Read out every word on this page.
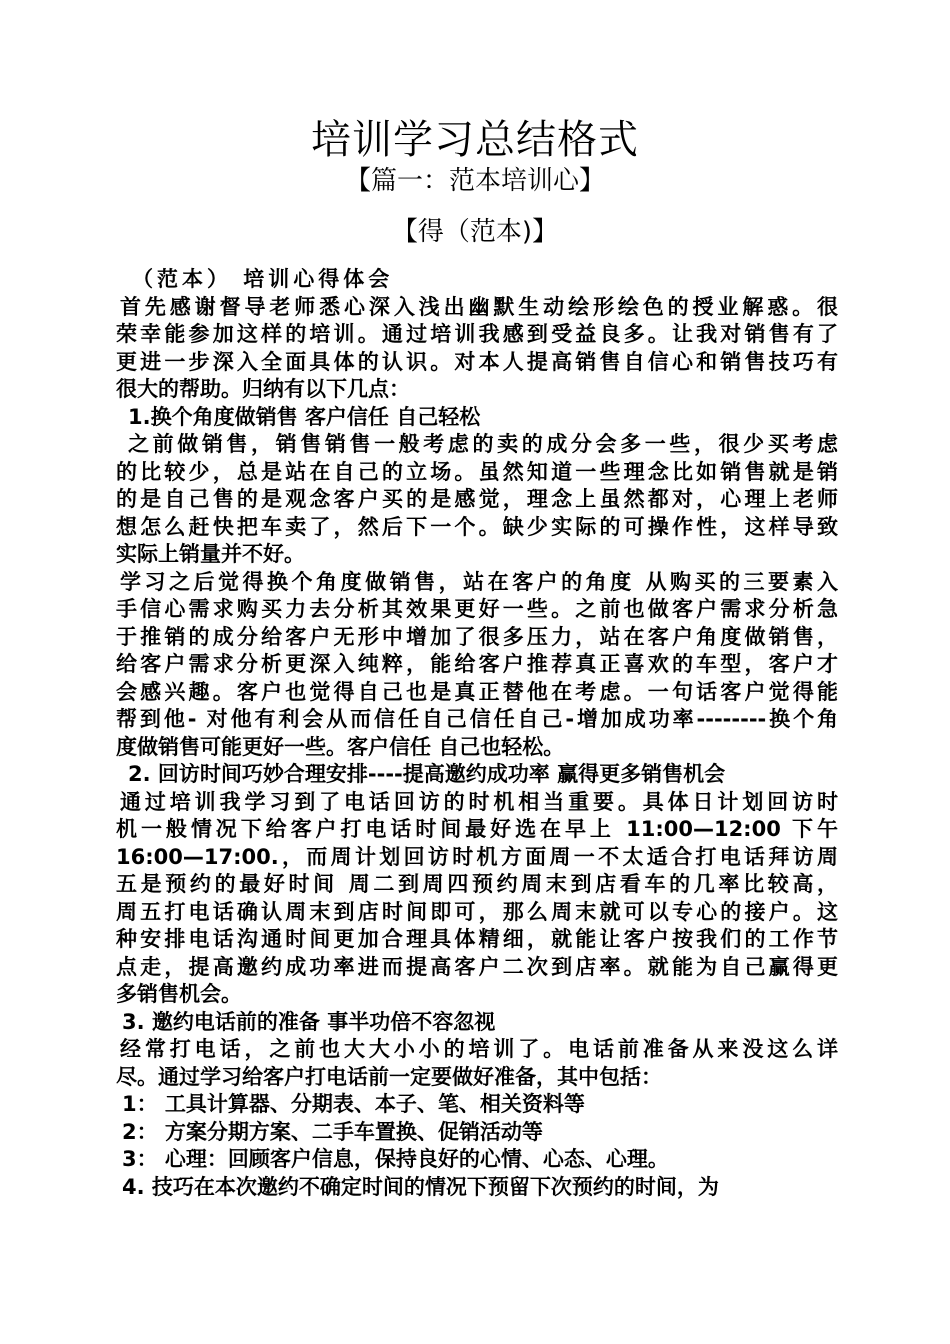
培训学习总结格式
【篇一：范本培训心】
【得（范本)】
（范本） 培训心得体会
首先感谢督导老师悉心深入浅出幽默生动绘形绘色的授业解惑。很
荣幸能参加这样的培训。通过培训我感到受益良多。让我对销售有了
更进一步深入全面具体的认识。对本人提高销售自信心和销售技巧有
很大的帮助。归纳有以下几点：
1.换个角度做销售 客户信任 自己轻松
之前做销售，销售销售一般考虑的卖的成分会多一些，很少买考虑
的比较少，总是站在自己的立场。虽然知道一些理念比如销售就是销
的是自己售的是观念客户买的是感觉，理念上虽然都对，心理上老师
想怎么赶快把车卖了，然后下一个。缺少实际的可操作性，这样导致
实际上销量并不好。
学习之后觉得换个角度做销售，站在客户的角度 从购买的三要素入
手信心需求购买力去分析其效果更好一些。之前也做客户需求分析急
于推销的成分给客户无形中增加了很多压力，站在客户角度做销售，
给客户需求分析更深入纯粹，能给客户推荐真正喜欢的车型，客户才
会感兴趣。客户也觉得自己也是真正替他在考虑。一句话客户觉得能
帮到他- 对他有利会从而信任自己信任自己-增加成功率--------换个角
度做销售可能更好一些。客户信任 自己也轻松。
2. 回访时间巧妙合理安排----提高邀约成功率 赢得更多销售机会
通过培训我学习到了电话回访的时机相当重要。具体日计划回访时
机一般情况下给客户打电话时间最好选在早上 11:00—12:00 下午
16:00—17:00.，而周计划回访时机方面周一不太适合打电话拜访周
五是预约的最好时间 周二到周四预约周末到店看车的几率比较高，
周五打电话确认周末到店时间即可，那么周末就可以专心的接户。这
种安排电话沟通时间更加合理具体精细，就能让客户按我们的工作节
点走，提高邀约成功率进而提高客户二次到店率。就能为自己赢得更
多销售机会。
3. 邀约电话前的准备 事半功倍不容忽视
经常打电话，之前也大大小小的培训了。电话前准备从来没这么详
尽。通过学习给客户打电话前一定要做好准备，其中包括：
1： 工具计算器、分期表、本子、笔、相关资料等
2： 方案分期方案、二手车置换、促销活动等
3： 心理：回顾客户信息，保持良好的心情、心态、心理。
4. 技巧在本次邀约不确定时间的情况下预留下次预约的时间，为
